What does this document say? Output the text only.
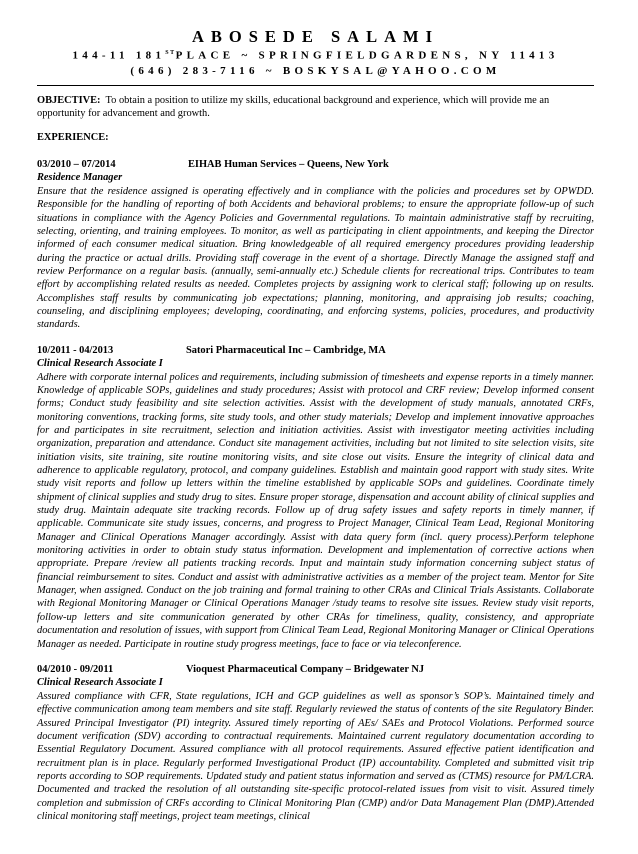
ABOSEDE SALAMI
144-11 181STPLACE ~ SPRINGFIELDGARDENS, NY 11413
(646) 283-7116 ~ BOSKYSAL@YAHOO.COM
OBJECTIVE: To obtain a position to utilize my skills, educational background and experience, which will provide me an opportunity for advancement and growth.
EXPERIENCE:
03/2010 – 07/2014	EIHAB Human Services – Queens, New York
Residence Manager
Ensure that the residence assigned is operating effectively and in compliance with the policies and procedures set by OPWDD. Responsible for the handling of reporting of both Accidents and behavioral problems; to ensure the appropriate follow-up of such situations in compliance with the Agency Policies and Governmental regulations. To maintain administrative staff by recruiting, selecting, orienting, and training employees. To monitor, as well as participating in client appointments, and keeping the Director informed of each consumer medical situation. Bring knowledgeable of all required emergency procedures providing leadership during the practice or actual drills. Providing staff coverage in the event of a shortage. Directly Manage the assigned staff and review Performance on a regular basis. (annually, semi-annually etc.) Schedule clients for recreational trips. Contributes to team effort by accomplishing related results as needed. Completes projects by assigning work to clerical staff; following up on results. Accomplishes staff results by communicating job expectations; planning, monitoring, and appraising job results; coaching, counseling, and disciplining employees; developing, coordinating, and enforcing systems, policies, procedures, and productivity standards.
10/2011 - 04/2013	Satori Pharmaceutical Inc – Cambridge, MA
Clinical Research Associate I
Adhere with corporate internal polices and requirements, including submission of timesheets and expense reports in a timely manner. Knowledge of applicable SOPs, guidelines and study procedures; Assist with protocol and CRF review; Develop informed consent forms; Conduct study feasibility and site selection activities. Assist with the development of study manuals, annotated CRFs, monitoring conventions, tracking forms, site study tools, and other study materials; Develop and implement innovative approaches for and participates in site recruitment, selection and initiation activities. Assist with investigator meeting activities including organization, preparation and attendance. Conduct site management activities, including but not limited to site selection visits, site initiation visits, site training, site routine monitoring visits, and site close out visits. Ensure the integrity of clinical data and adherence to applicable regulatory, protocol, and company guidelines. Establish and maintain good rapport with study sites. Write study visit reports and follow up letters within the timeline established by applicable SOPs and guidelines. Coordinate timely shipment of clinical supplies and study drug to sites. Ensure proper storage, dispensation and account ability of clinical supplies and study drug. Maintain adequate site tracking records. Follow up of drug safety issues and safety reports in timely manner, if applicable. Communicate site study issues, concerns, and progress to Project Manager, Clinical Team Lead, Regional Monitoring Manager and Clinical Operations Manager accordingly. Assist with data query form (incl. query process).Perform telephone monitoring activities in order to obtain study status information. Development and implementation of corrective actions when appropriate. Prepare /review all patients tracking records. Input and maintain study information concerning subject status of financial reimbursement to sites. Conduct and assist with administrative activities as a member of the project team. Mentor for Site Manager, when assigned. Conduct on the job training and formal training to other CRAs and Clinical Trials Assistants. Collaborate with Regional Monitoring Manager or Clinical Operations Manager /study teams to resolve site issues. Review study visit reports, follow-up letters and site communication generated by other CRAs for timeliness, quality, consistency, and appropriate documentation and resolution of issues, with support from Clinical Team Lead, Regional Monitoring Manager or Clinical Operations Manager as needed. Participate in routine study progress meetings, face to face or via teleconference.
04/2010 - 09/2011	Vioquest Pharmaceutical Company – Bridgewater NJ
Clinical Research Associate I
Assured compliance with CFR, State regulations, ICH and GCP guidelines as well as sponsor’s SOP’s. Maintained timely and effective communication among team members and site staff. Regularly reviewed the status of contents of the site Regulatory Binder. Assured Principal Investigator (PI) integrity. Assured timely reporting of AEs/ SAEs and Protocol Violations. Performed source document verification (SDV) according to contractual requirements. Maintained current regulatory documentation according to Essential Regulatory Document. Assured compliance with all protocol requirements. Assured effective patient identification and recruitment plan is in place. Regularly performed Investigational Product (IP) accountability. Completed and submitted visit trip reports according to SOP requirements. Updated study and patient status information and served as (CTMS) resource for PM/LCRA. Documented and tracked the resolution of all outstanding site-specific protocol-related issues from visit to visit. Assured timely completion and submission of CRFs according to Clinical Monitoring Plan (CMP) and/or Data Management Plan (DMP).Attended clinical monitoring staff meetings, project team meetings, clinical
